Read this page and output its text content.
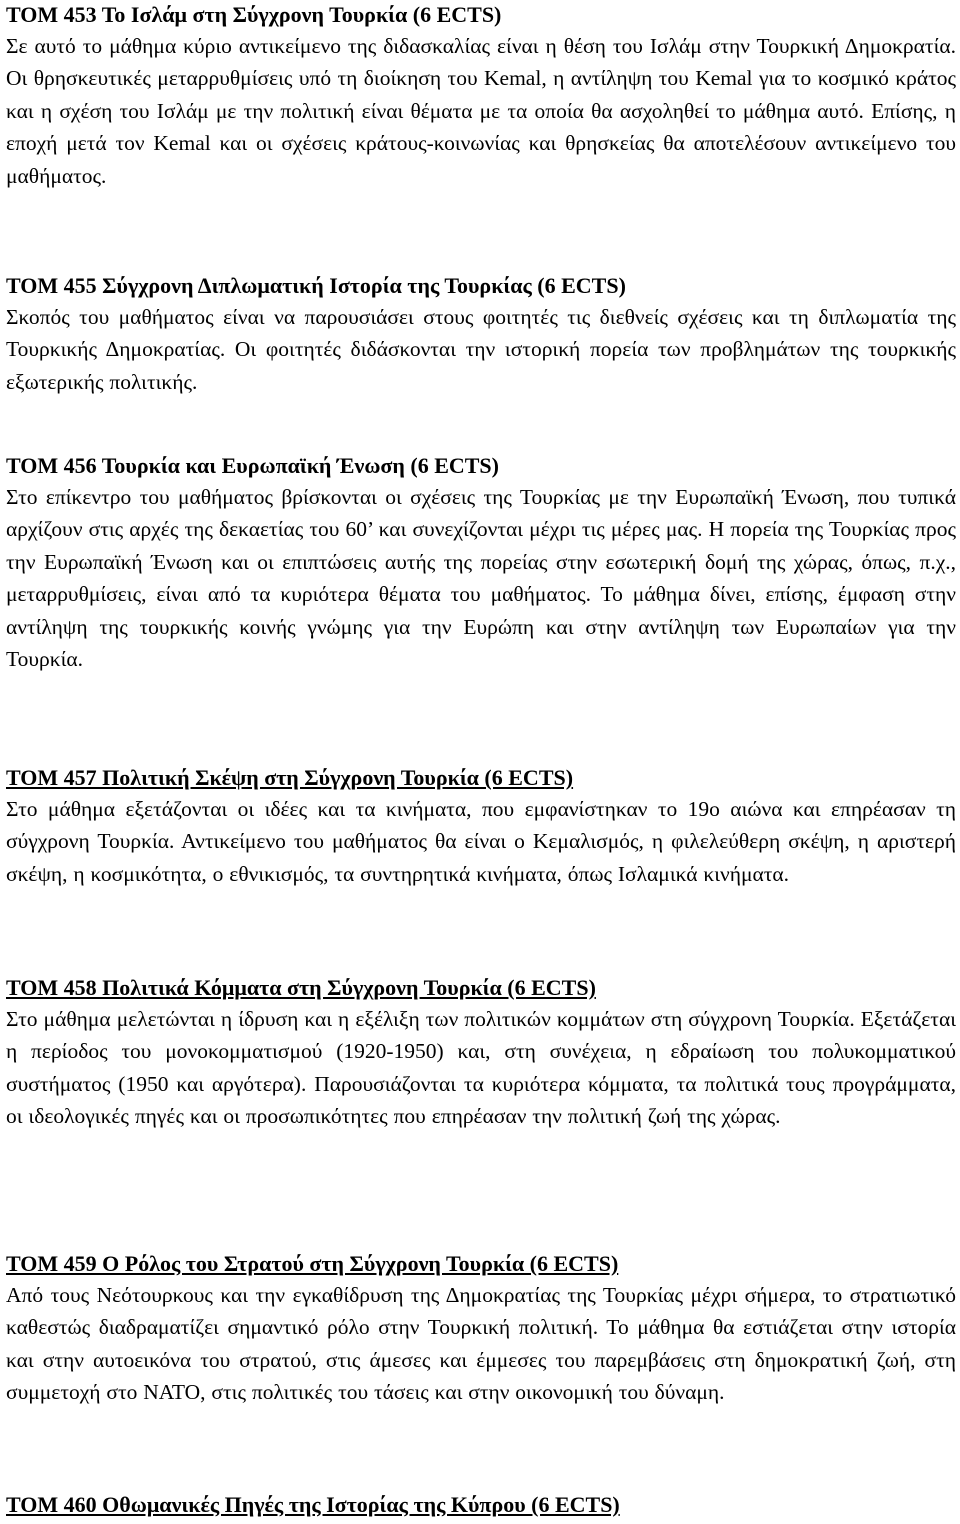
ΤΟΜ 453 Το Ισλάμ στη Σύγχρονη Τουρκία (6 ECTS)
Σε αυτό το μάθημα κύριο αντικείμενο της διδασκαλίας είναι η θέση του Ισλάμ στην Τουρκική Δημοκρατία. Οι θρησκευτικές μεταρρυθμίσεις υπό τη διοίκηση του Kemal, η αντίληψη του Kemal για το κοσμικό κράτος και η σχέση του Ισλάμ με την πολιτική είναι θέματα με τα οποία θα ασχοληθεί το μάθημα αυτό. Επίσης, η εποχή μετά τον Kemal και οι σχέσεις κράτους-κοινωνίας και θρησκείας θα αποτελέσουν αντικείμενο του μαθήματος.
ΤΟΜ 455 Σύγχρονη Διπλωματική Ιστορία της Τουρκίας (6 ECTS)
Σκοπός του μαθήματος είναι να παρουσιάσει στους φοιτητές τις διεθνείς σχέσεις και τη διπλωματία της Τουρκικής Δημοκρατίας. Οι φοιτητές διδάσκονται την ιστορική πορεία των προβλημάτων της τουρκικής εξωτερικής πολιτικής.
ΤΟΜ 456 Τουρκία και Ευρωπαϊκή Ένωση (6 ECTS)
Στο επίκεντρο του μαθήματος βρίσκονται οι σχέσεις της Τουρκίας με την Ευρωπαϊκή Ένωση, που τυπικά αρχίζουν στις αρχές της δεκαετίας του 60’ και συνεχίζονται μέχρι τις μέρες μας. Η πορεία της Τουρκίας προς την Ευρωπαϊκή Ένωση και οι επιπτώσεις αυτής της πορείας στην εσωτερική δομή της χώρας, όπως, π.χ., μεταρρυθμίσεις, είναι από τα κυριότερα θέματα του μαθήματος. Το μάθημα δίνει, επίσης, έμφαση στην αντίληψη της τουρκικής κοινής γνώμης για την Ευρώπη και στην αντίληψη των Ευρωπαίων για την Τουρκία.
ΤΟΜ 457 Πολιτική Σκέψη στη Σύγχρονη Τουρκία (6 ECTS)
Στο μάθημα εξετάζονται οι ιδέες και τα κινήματα, που εμφανίστηκαν το 19ο αιώνα και επηρέασαν τη σύγχρονη Τουρκία. Αντικείμενο του μαθήματος θα είναι ο Κεμαλισμός, η φιλελεύθερη σκέψη, η αριστερή σκέψη, η κοσμικότητα, ο εθνικισμός, τα συντηρητικά κινήματα, όπως Ισλαμικά κινήματα.
ΤΟΜ 458 Πολιτικά Κόμματα στη Σύγχρονη Τουρκία (6 ECTS)
Στο μάθημα μελετώνται η ίδρυση και η εξέλιξη των πολιτικών κομμάτων στη σύγχρονη Τουρκία. Εξετάζεται η περίοδος του μονοκομματισμού (1920-1950) και, στη συνέχεια, η εδραίωση του πολυκομματικού συστήματος (1950 και αργότερα). Παρουσιάζονται τα κυριότερα κόμματα, τα πολιτικά τους προγράμματα, οι ιδεολογικές πηγές και οι προσωπικότητες που επηρέασαν την πολιτική ζωή της χώρας.
ΤΟΜ 459 Ο Ρόλος του Στρατού στη Σύγχρονη Τουρκία (6 ECTS)
Από τους Νεότουρκους και την εγκαθίδρυση της Δημοκρατίας της Τουρκίας μέχρι σήμερα, το στρατιωτικό καθεστώς διαδραματίζει σημαντικό ρόλο στην Τουρκική πολιτική. Το μάθημα θα εστιάζεται στην ιστορία και στην αυτοεικόνα του στρατού, στις άμεσες και έμμεσες του παρεμβάσεις στη δημοκρατική ζωή, στη συμμετοχή στο ΝΑΤΟ, στις πολιτικές του τάσεις και στην οικονομική του δύναμη.
ΤΟΜ 460 Οθωμανικές Πηγές της Ιστορίας της Κύπρου (6 ECTS)
